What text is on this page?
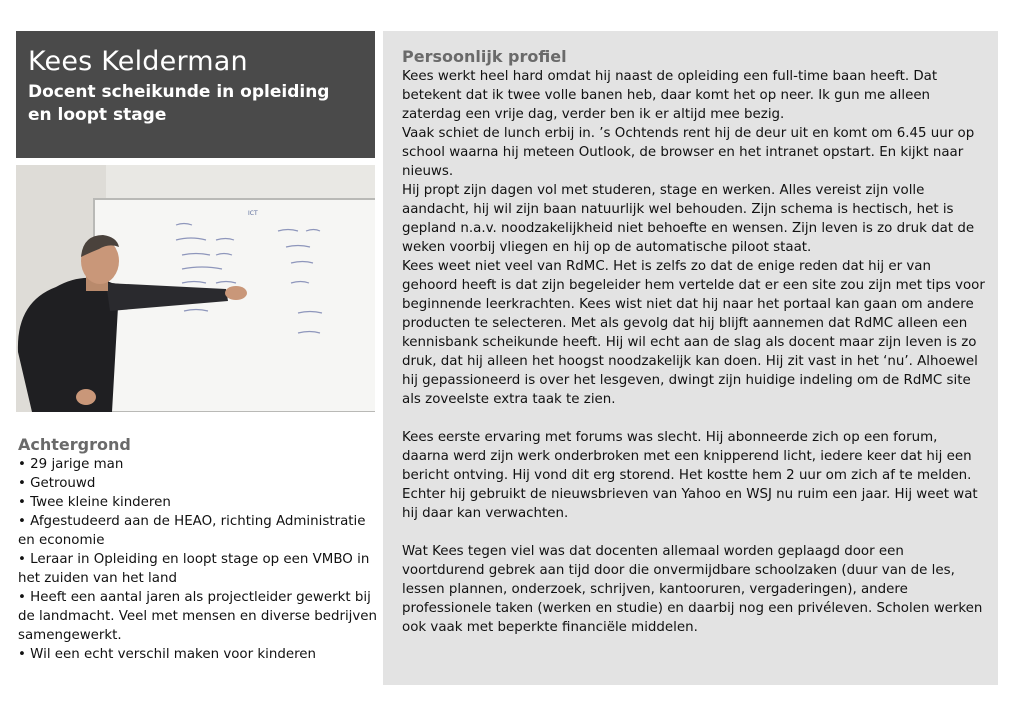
Kees Kelderman
Docent scheikunde in opleiding en loopt stage
ICT
Achtergrond
• 29 jarige man
• Getrouwd
• Twee kleine kinderen
• Afgestudeerd aan de HEAO, richting Administratie en economie
• Leraar in Opleiding en loopt stage op een VMBO in het zuiden van het land
• Heeft een aantal jaren als projectleider gewerkt bij de landmacht. Veel met mensen en diverse bedrijven samengewerkt.
• Wil een echt verschil maken voor kinderen
Persoonlijk profiel

Kees werkt heel hard omdat hij naast de opleiding een full-time baan heeft. Dat betekent dat ik twee volle banen heb, daar komt het op neer. Ik gun me alleen zaterdag een vrije dag, verder ben ik er altijd mee bezig.
Vaak schiet de lunch erbij in. ’s Ochtends rent hij de deur uit en komt om 6.45 uur op school waarna hij meteen Outlook, de browser en het intranet opstart. En kijkt naar nieuws.
Hij propt zijn dagen vol met studeren, stage en werken. Alles vereist zijn volle aandacht, hij wil zijn baan natuurlijk wel behouden. Zijn schema is hectisch, het is gepland n.a.v. noodzakelijkheid niet behoefte en wensen. Zijn leven is zo druk dat de weken voorbij vliegen en hij op de automatische piloot staat.
Kees weet niet veel van RdMC. Het is zelfs zo dat de enige reden dat hij er van gehoord heeft is dat zijn begeleider hem vertelde dat er een site zou zijn met tips voor beginnende leerkrachten. Kees wist niet dat hij naar het portaal kan gaan om andere producten te selecteren. Met als gevolg dat hij blijft aannemen dat RdMC alleen een kennisbank scheikunde heeft. Hij wil echt aan de slag als docent maar zijn leven is zo druk, dat hij alleen het hoogst noodzakelijk kan doen. Hij zit vast in het ‘nu’. Alhoewel hij gepassioneerd is over het lesgeven, dwingt zijn huidige indeling om de RdMC site als zoveelste extra taak te zien.

Kees eerste ervaring met forums was slecht. Hij abonneerde zich op een forum, daarna werd zijn werk onderbroken met een knipperend licht, iedere keer dat hij een bericht ontving. Hij vond dit erg storend. Het kostte hem 2 uur om zich af te melden. Echter hij gebruikt de nieuwsbrieven van Yahoo en WSJ nu ruim een jaar. Hij weet wat hij daar kan verwachten.

Wat Kees tegen viel was dat docenten allemaal worden geplaagd door een voortdurend gebrek aan tijd door die onvermijdbare schoolzaken (duur van de les, lessen plannen, onderzoek, schrijven, kantooruren, vergaderingen), andere professionele taken (werken en studie) en daarbij nog een privéleven. Scholen werken ook vaak met beperkte financiële middelen.
